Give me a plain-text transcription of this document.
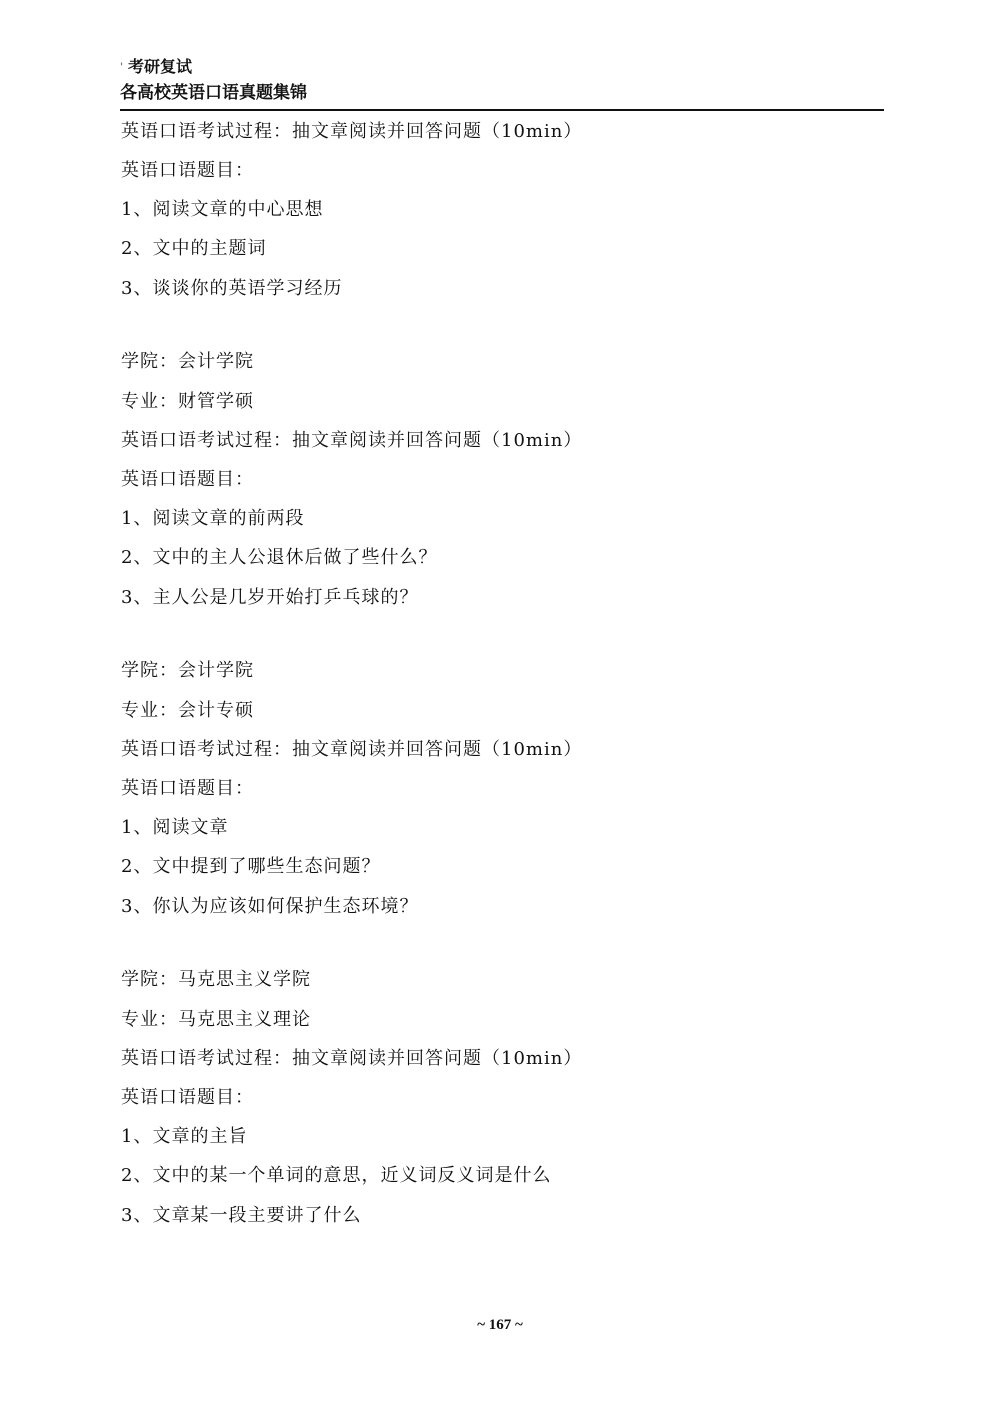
' 考研复试
各高校英语口语真题集锦
英语口语考试过程：抽文章阅读并回答问题（10min）
英语口语题目：
1、阅读文章的中心思想
2、文中的主题词
3、谈谈你的英语学习经历
学院：会计学院
专业：财管学硕
英语口语考试过程：抽文章阅读并回答问题（10min）
英语口语题目：
1、阅读文章的前两段
2、文中的主人公退休后做了些什么？
3、主人公是几岁开始打乒乓球的？
学院：会计学院
专业：会计专硕
英语口语考试过程：抽文章阅读并回答问题（10min）
英语口语题目：
1、阅读文章
2、文中提到了哪些生态问题？
3、你认为应该如何保护生态环境？
学院：马克思主义学院
专业：马克思主义理论
英语口语考试过程：抽文章阅读并回答问题（10min）
英语口语题目：
1、文章的主旨
2、文中的某一个单词的意思，近义词反义词是什么
3、文章某一段主要讲了什么
~ 167 ~
